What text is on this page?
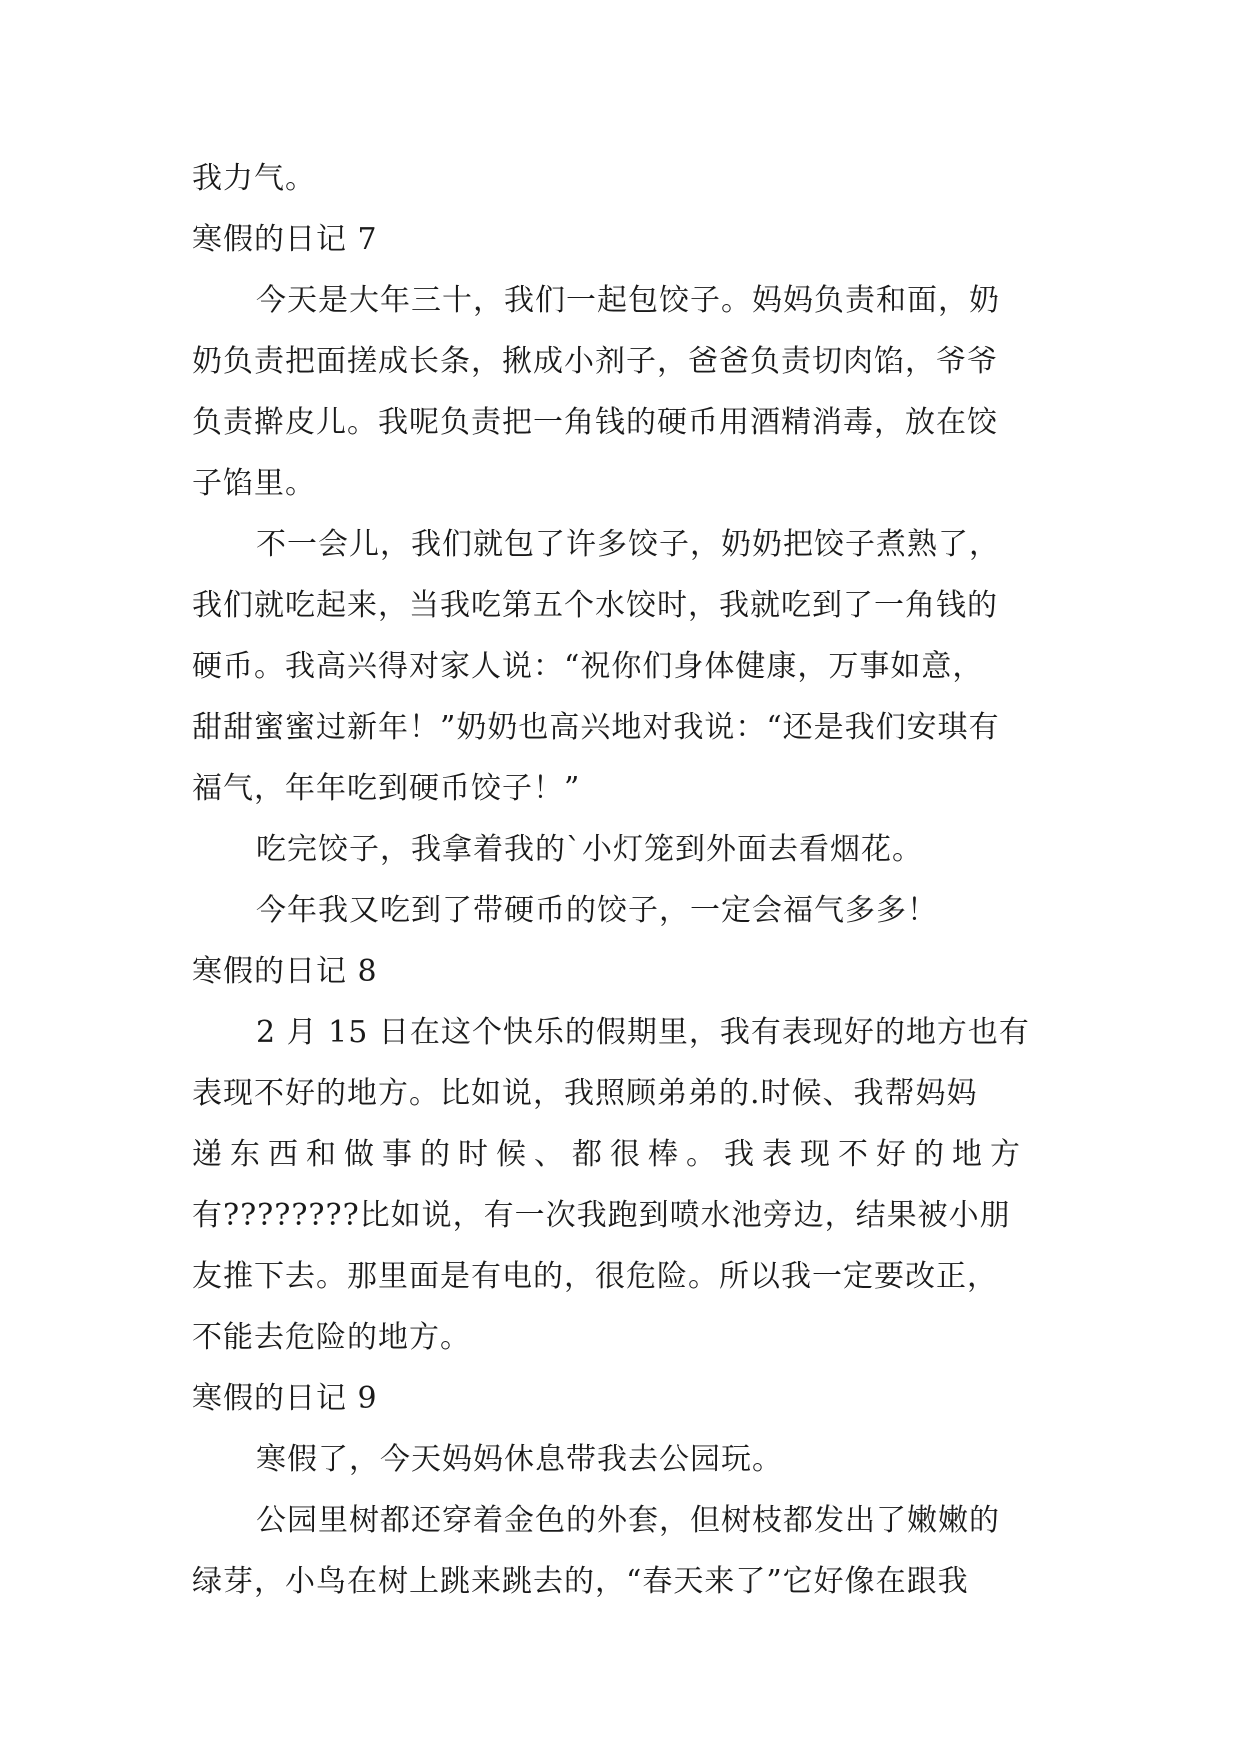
我力气。
寒假的日记 7
今天是大年三十，我们一起包饺子。妈妈负责和面，奶
奶负责把面搓成长条，揪成小剂子，爸爸负责切肉馅，爷爷
负责擀皮儿。我呢负责把一角钱的硬币用酒精消毒，放在饺
子馅里。
不一会儿，我们就包了许多饺子，奶奶把饺子煮熟了，
我们就吃起来，当我吃第五个水饺时，我就吃到了一角钱的
硬币。我高兴得对家人说：“祝你们身体健康，万事如意，
甜甜蜜蜜过新年！”奶奶也高兴地对我说：“还是我们安琪有
福气，年年吃到硬币饺子！”
吃完饺子，我拿着我的`小灯笼到外面去看烟花。
今年我又吃到了带硬币的饺子，一定会福气多多！
寒假的日记 8
2 月 15 日在这个快乐的假期里，我有表现好的地方也有
表现不好的地方。比如说，我照顾弟弟的.时候、我帮妈妈
递东西和做事的时候、都很棒。我表现不好的地方
有????????比如说，有一次我跑到喷水池旁边，结果被小朋
友推下去。那里面是有电的，很危险。所以我一定要改正，
不能去危险的地方。
寒假的日记 9
寒假了，今天妈妈休息带我去公园玩。
公园里树都还穿着金色的外套，但树枝都发出了嫩嫩的
绿芽，小鸟在树上跳来跳去的，“春天来了”它好像在跟我
